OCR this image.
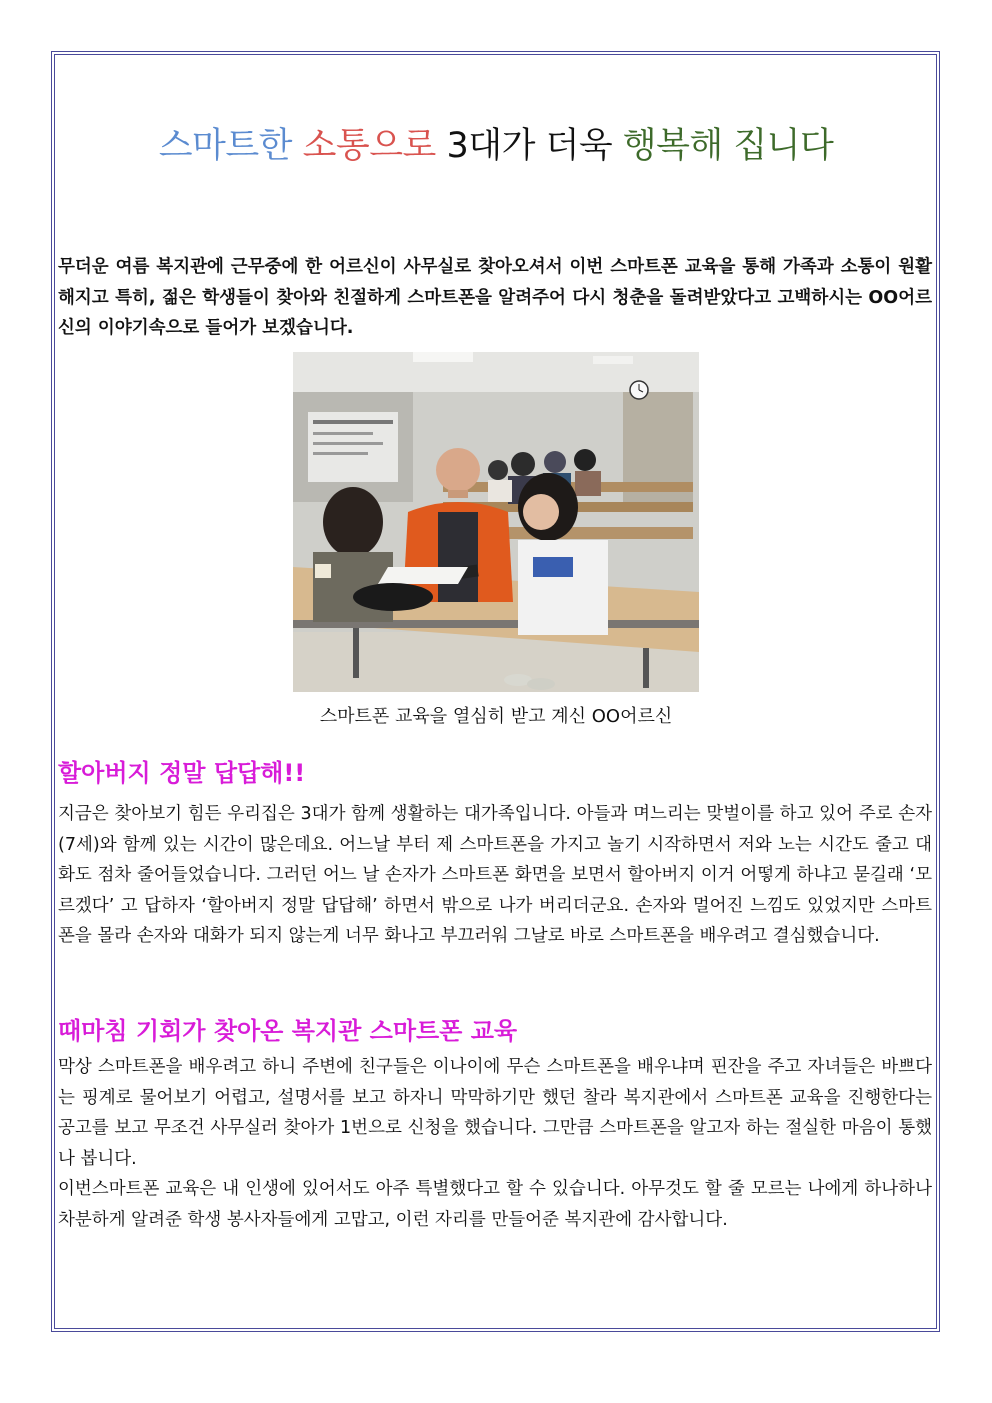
스마트한 소통으로 3대가 더욱 행복해 집니다

무더운 여름 복지관에 근무중에 한 어르신이 사무실로 찾아오셔서 이번 스마트폰 교육을 통해 가족과 소통이 원활해지고 특히, 젊은 학생들이 찾아와 친절하게 스마트폰을 알려주어 다시 청춘을 돌려받았다고 고백하시는 OO어르신의 이야기속으로 들어가 보겠습니다.

스마트폰 교육을 열심히 받고 계신 OO어르신
할아버지 정말 답답해!!

지금은 찾아보기 힘든 우리집은 3대가 함께 생활하는 대가족입니다. 아들과 며느리는 맞벌이를 하고 있어 주로 손자(7세)와 함께 있는 시간이 많은데요. 어느날 부터 제 스마트폰을 가지고 놀기 시작하면서 저와 노는 시간도 줄고 대화도 점차 줄어들었습니다. 그러던 어느 날 손자가 스마트폰 화면을 보면서 할아버지 이거 어떻게 하냐고 묻길래 ‘모르겠다’ 고 답하자 ‘할아버지 정말 답답해’ 하면서 밖으로 나가 버리더군요. 손자와 멀어진 느낌도 있었지만 스마트폰을 몰라 손자와 대화가 되지 않는게 너무 화나고 부끄러워 그날로 바로 스마트폰을 배우려고 결심했습니다.

때마침 기회가 찾아온 복지관 스마트폰 교육

막상 스마트폰을 배우려고 하니 주변에 친구들은 이나이에 무슨 스마트폰을 배우냐며 핀잔을 주고 자녀들은 바쁘다는 핑계로 물어보기 어렵고, 설명서를 보고 하자니 막막하기만 했던 찰라 복지관에서 스마트폰 교육을 진행한다는 공고를 보고 무조건 사무실러 찾아가 1번으로 신청을 했습니다. 그만큼 스마트폰을 알고자 하는 절실한 마음이 통했나 봅니다.

이번스마트폰 교육은 내 인생에 있어서도 아주 특별했다고 할 수 있습니다. 아무것도 할 줄 모르는 나에게 하나하나 차분하게 알려준 학생 봉사자들에게 고맙고, 이런 자리를 만들어준 복지관에 감사합니다.
